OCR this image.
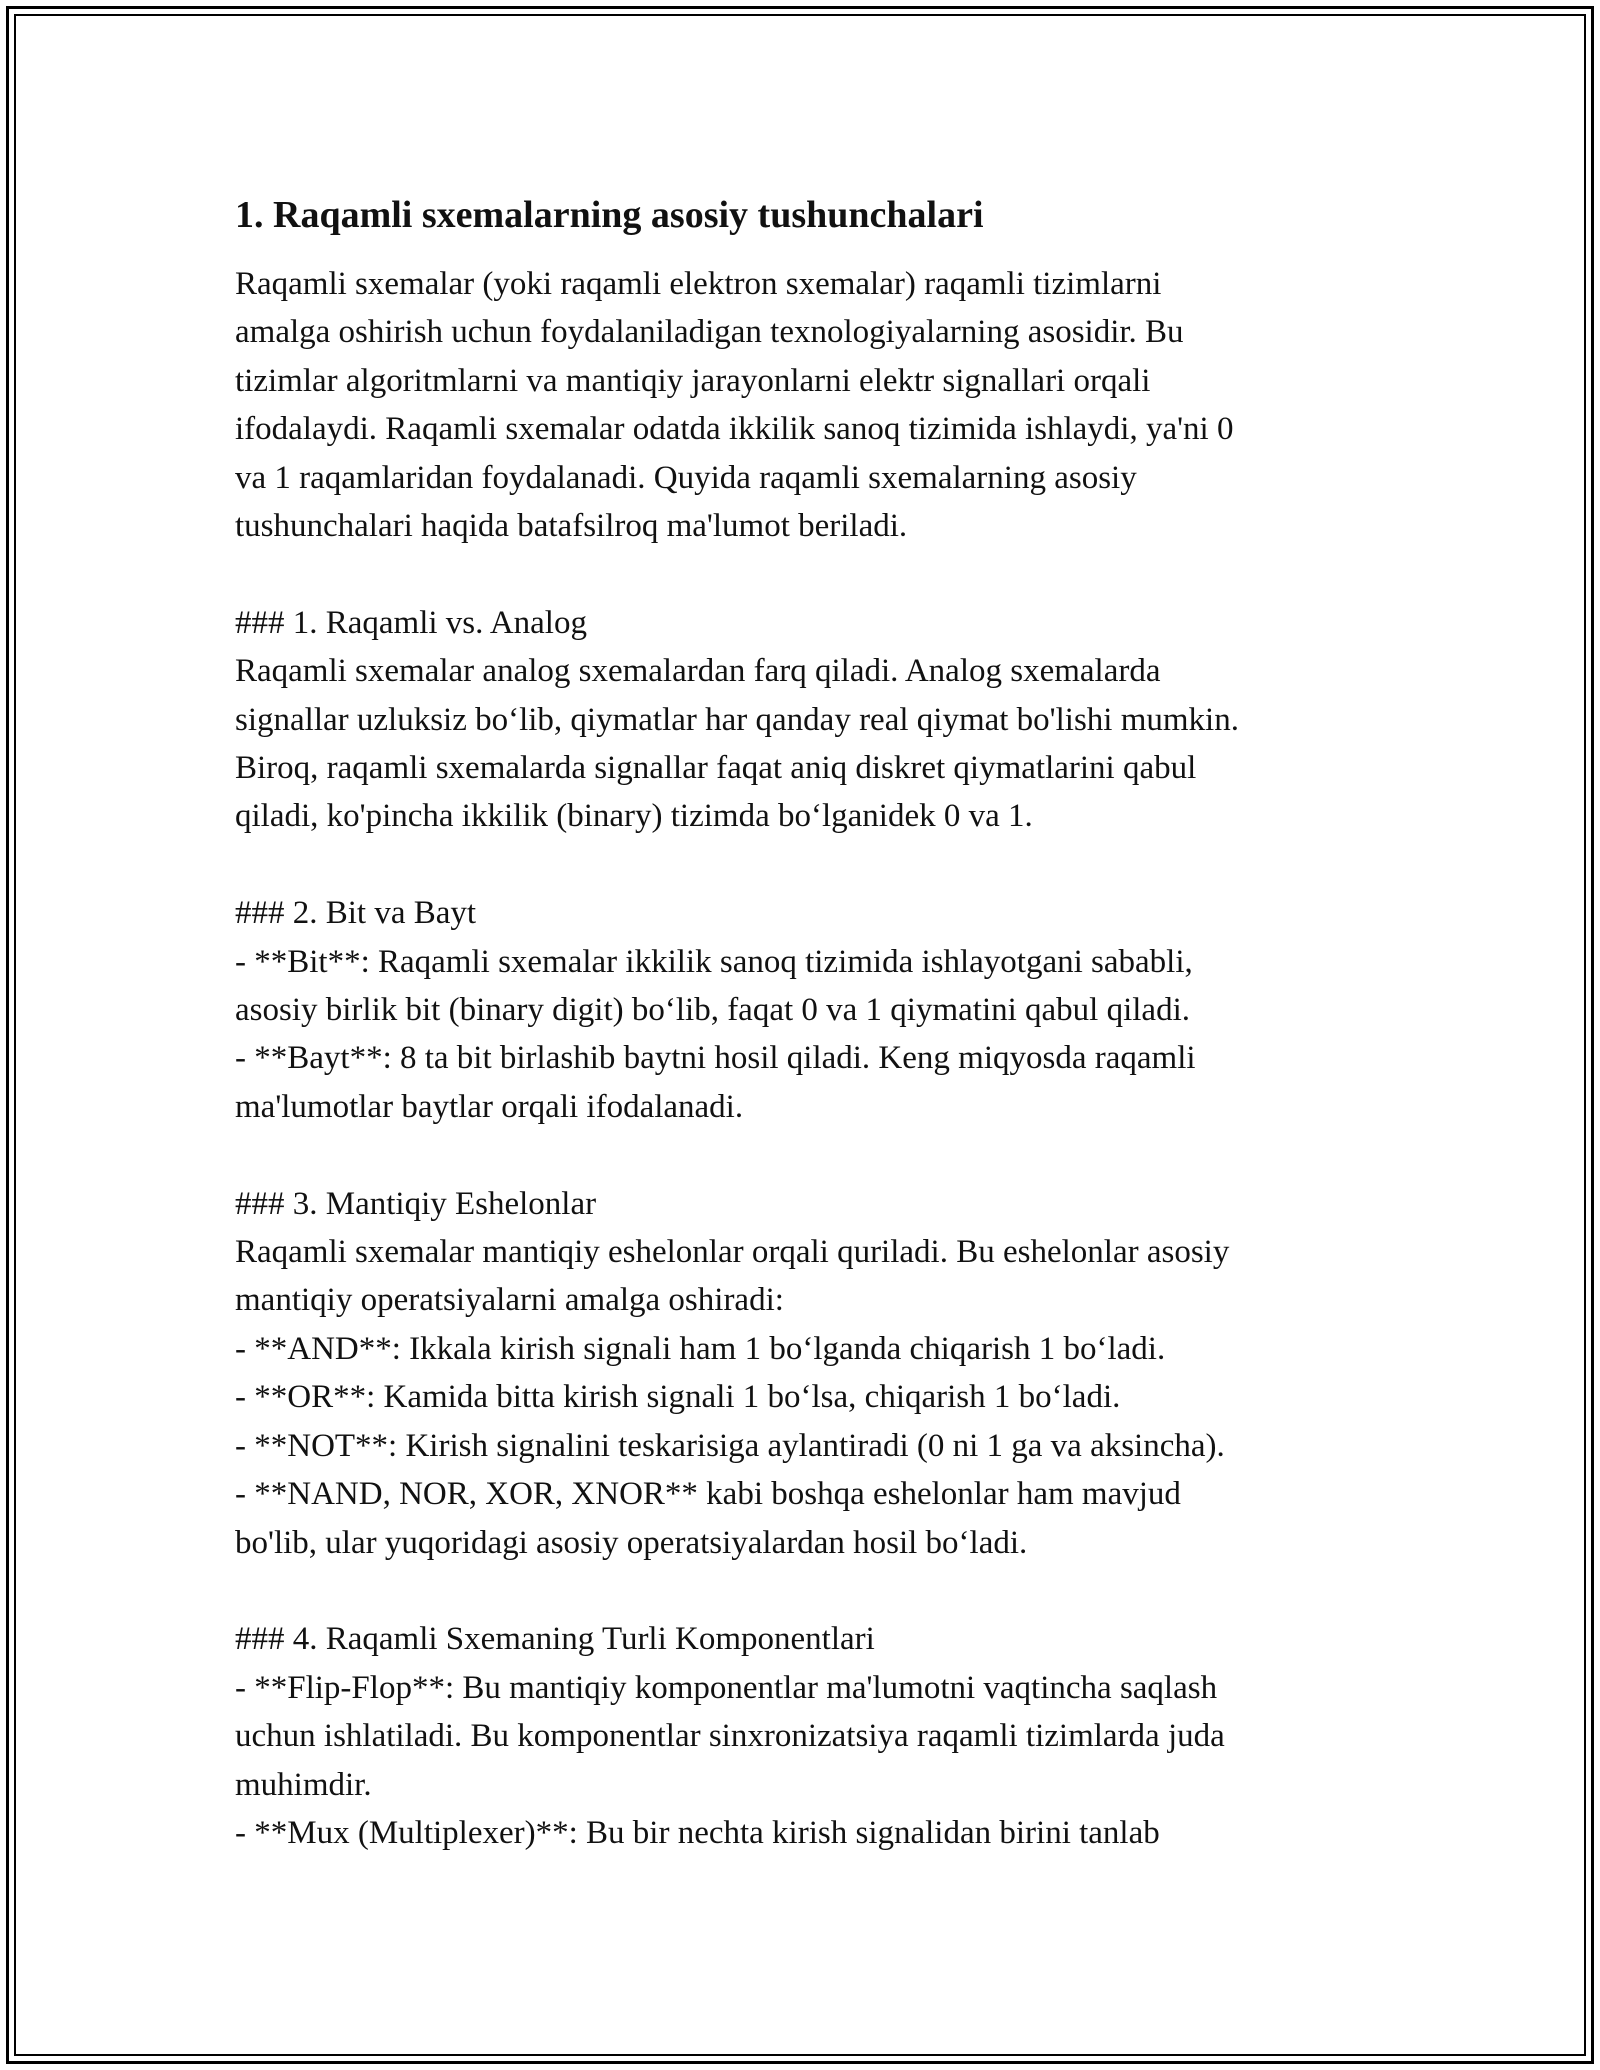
1. Raqamli sxemalarning asosiy tushunchalari

Raqamli sxemalar (yoki raqamli elektron sxemalar) raqamli tizimlarni
amalga oshirish uchun foydalaniladigan texnologiyalarning asosidir. Bu
tizimlar algoritmlarni va mantiqiy jarayonlarni elektr signallari orqali
ifodalaydi. Raqamli sxemalar odatda ikkilik sanoq tizimida ishlaydi, ya'ni 0
va 1 raqamlaridan foydalanadi. Quyida raqamli sxemalarning asosiy
tushunchalari haqida batafsilroq ma'lumot beriladi.

### 1. Raqamli vs. Analog

Raqamli sxemalar analog sxemalardan farq qiladi. Analog sxemalarda
signallar uzluksiz bo‘lib, qiymatlar har qanday real qiymat bo'lishi mumkin.
Biroq, raqamli sxemalarda signallar faqat aniq diskret qiymatlarini qabul
qiladi, ko'pincha ikkilik (binary) tizimda bo‘lganidek 0 va 1.

### 2. Bit va Bayt

- **Bit**: Raqamli sxemalar ikkilik sanoq tizimida ishlayotgani sababli,
asosiy birlik bit (binary digit) bo‘lib, faqat 0 va 1 qiymatini qabul qiladi.
- **Bayt**: 8 ta bit birlashib baytni hosil qiladi. Keng miqyosda raqamli
ma'lumotlar baytlar orqali ifodalanadi.

### 3. Mantiqiy Eshelonlar

Raqamli sxemalar mantiqiy eshelonlar orqali quriladi. Bu eshelonlar asosiy
mantiqiy operatsiyalarni amalga oshiradi:
- **AND**: Ikkala kirish signali ham 1 bo‘lganda chiqarish 1 bo‘ladi.
- **OR**: Kamida bitta kirish signali 1 bo‘lsa, chiqarish 1 bo‘ladi.
- **NOT**: Kirish signalini teskarisiga aylantiradi (0 ni 1 ga va aksincha).
- **NAND, NOR, XOR, XNOR** kabi boshqa eshelonlar ham mavjud
bo'lib, ular yuqoridagi asosiy operatsiyalardan hosil bo‘ladi.

### 4. Raqamli Sxemaning Turli Komponentlari

- **Flip-Flop**: Bu mantiqiy komponentlar ma'lumotni vaqtincha saqlash
uchun ishlatiladi. Bu komponentlar sinxronizatsiya raqamli tizimlarda juda
muhimdir.
- **Mux (Multiplexer)**: Bu bir nechta kirish signalidan birini tanlab
